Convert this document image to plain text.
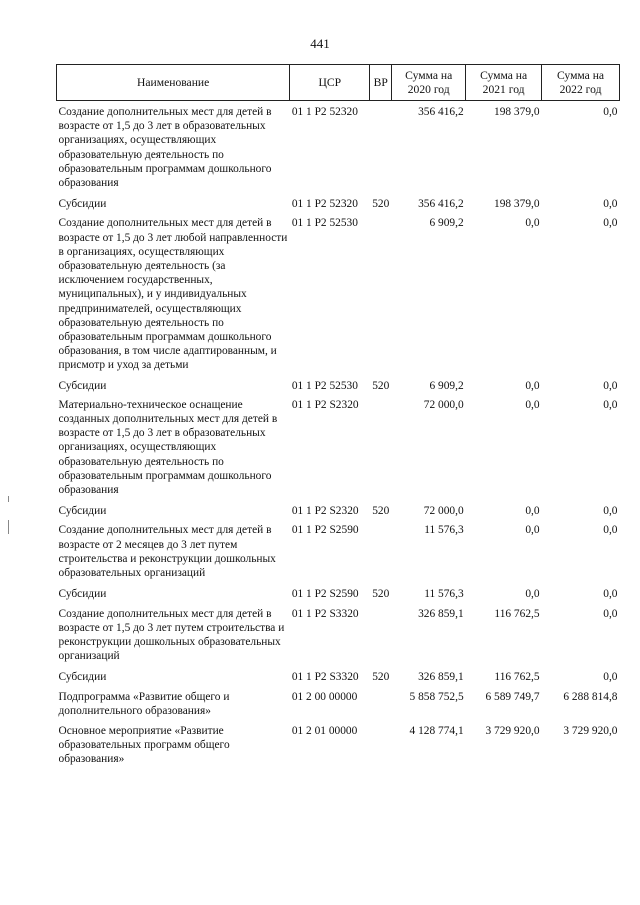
441
Наименование	ЦСР	ВР	Сумма на 2020 год	Сумма на 2021 год	Сумма на 2022 год
Создание дополнительных мест для детей в возрасте от 1,5 до 3 лет в образовательных организациях, осуществляющих образовательную деятельность по образовательным программам дошкольного образования	01 1 P2 52320		356 416,2	198 379,0	0,0
Субсидии	01 1 P2 52320	520	356 416,2	198 379,0	0,0
Создание дополнительных мест для детей в возрасте от 1,5 до 3 лет любой направленности в организациях, осуществляющих образовательную деятельность (за исключением государственных, муниципальных), и у индивидуальных предпринимателей, осуществляющих образовательную деятельность по образовательным программам дошкольного образования, в том числе адаптированным, и присмотр и уход за детьми	01 1 P2 52530		6 909,2	0,0	0,0
Субсидии	01 1 P2 52530	520	6 909,2	0,0	0,0
Материально-техническое оснащение созданных дополнительных мест для детей в возрасте от 1,5 до 3 лет в образовательных организациях, осуществляющих образовательную деятельность по образовательным программам дошкольного образования	01 1 P2 S2320		72 000,0	0,0	0,0
Субсидии	01 1 P2 S2320	520	72 000,0	0,0	0,0
Создание дополнительных мест для детей в возрасте от 2 месяцев до 3 лет путем строительства и реконструкции дошкольных образовательных организаций	01 1 P2 S2590		11 576,3	0,0	0,0
Субсидии	01 1 P2 S2590	520	11 576,3	0,0	0,0
Создание дополнительных мест для детей в возрасте от 1,5 до 3 лет путем строительства и реконструкции дошкольных образовательных организаций	01 1 P2 S3320		326 859,1	116 762,5	0,0
Субсидии	01 1 P2 S3320	520	326 859,1	116 762,5	0,0
Подпрограмма «Развитие общего и дополнительного образования»	01 2 00 00000		5 858 752,5	6 589 749,7	6 288 814,8
Основное мероприятие «Развитие образовательных программ общего образования»	01 2 01 00000		4 128 774,1	3 729 920,0	3 729 920,0
